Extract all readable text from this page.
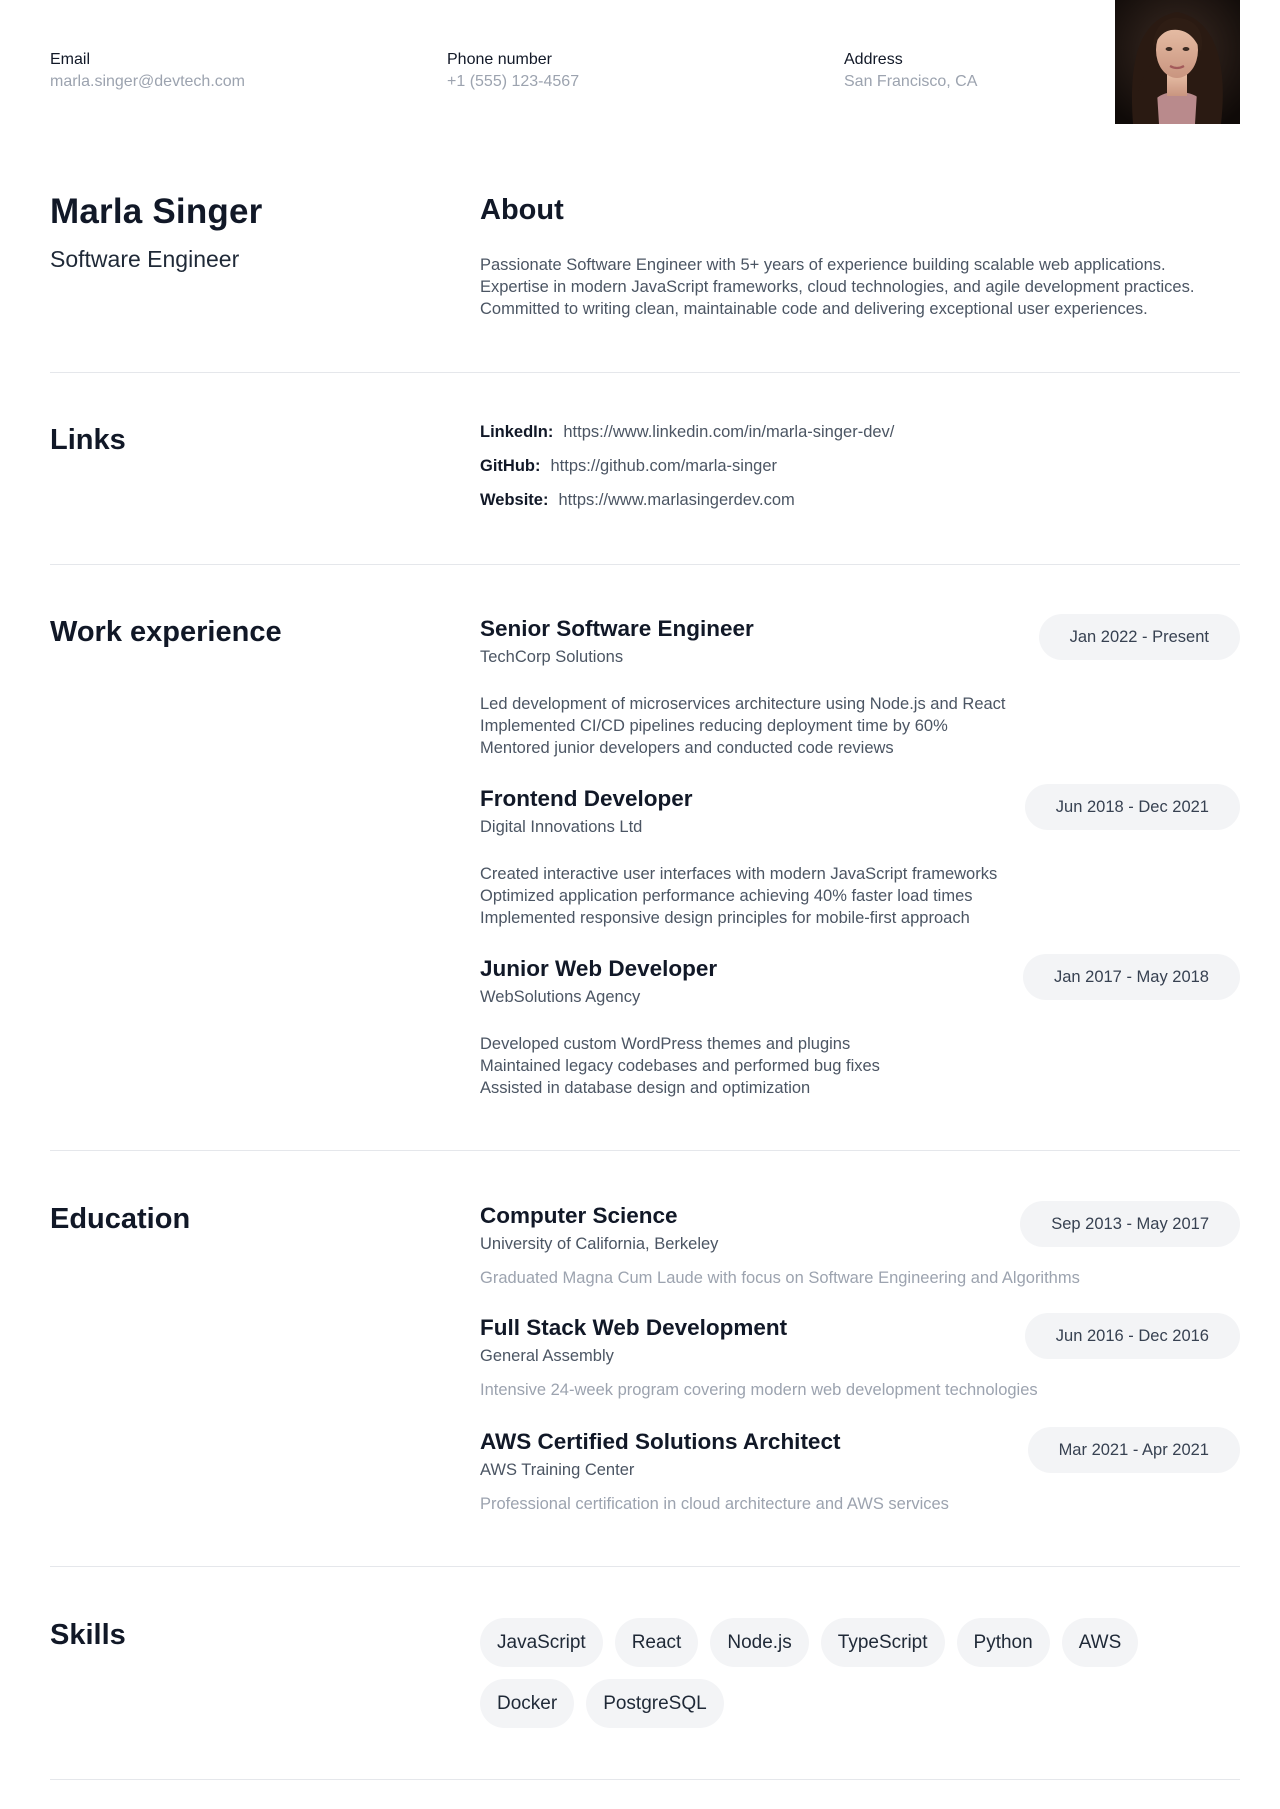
Email
marla.singer@devtech.com
Phone number
+1 (555) 123-4567
Address
San Francisco, CA
Marla Singer
Software Engineer
About
Passionate Software Engineer with 5+ years of experience building scalable web applications.
Expertise in modern JavaScript frameworks, cloud technologies, and agile development practices.
Committed to writing clean, maintainable code and delivering exceptional user experiences.
Links	LinkedIn: https://www.linkedin.com/in/marla-singer-dev/
GitHub: https://github.com/marla-singer
Website: https://www.marlasingerdev.com
Work experience	Senior Software Engineer
TechCorp Solutions
Jan 2022 - Present
Led development of microservices architecture using Node.js and React
Implemented CI/CD pipelines reducing deployment time by 60%
Mentored junior developers and conducted code reviews
Frontend Developer
Digital Innovations Ltd
Jun 2018 - Dec 2021
Created interactive user interfaces with modern JavaScript frameworks
Optimized application performance achieving 40% faster load times
Implemented responsive design principles for mobile-first approach
Junior Web Developer
WebSolutions Agency
Jan 2017 - May 2018
Developed custom WordPress themes and plugins
Maintained legacy codebases and performed bug fixes
Assisted in database design and optimization
Education	Computer Science
University of California, Berkeley
Sep 2013 - May 2017
Graduated Magna Cum Laude with focus on Software Engineering and Algorithms
Full Stack Web Development
General Assembly
Jun 2016 - Dec 2016
Intensive 24-week program covering modern web development technologies
AWS Certified Solutions Architect
AWS Training Center
Mar 2021 - Apr 2021
Professional certification in cloud architecture and AWS services
Skills	JavaScript	React	Node.js	TypeScript	Python	AWS
Docker	PostgreSQL
